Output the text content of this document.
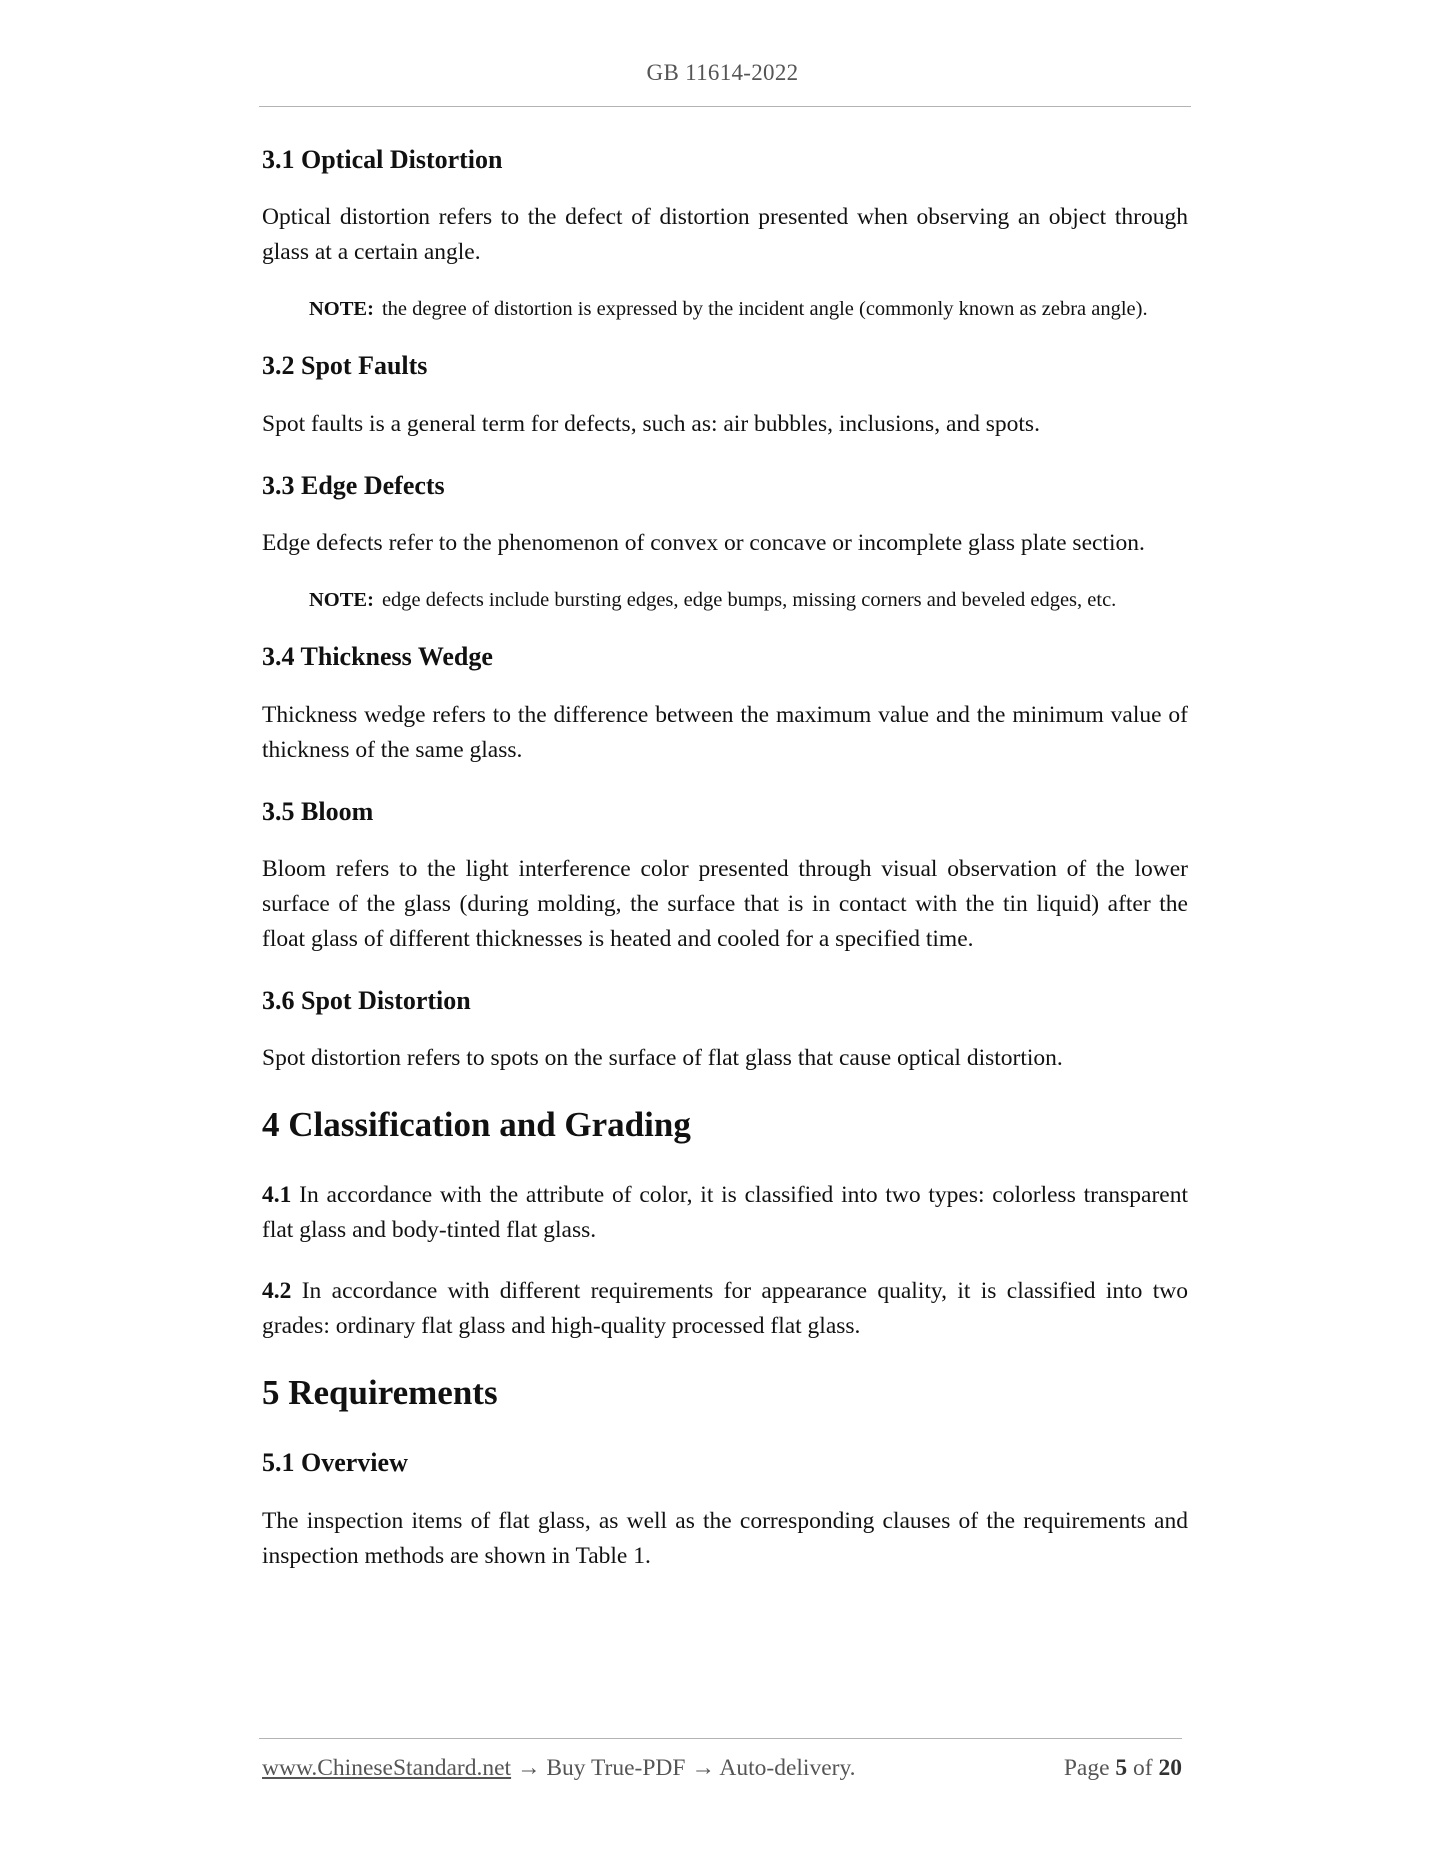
GB 11614-2022
3.1 Optical Distortion
Optical distortion refers to the defect of distortion presented when observing an object through glass at a certain angle.
NOTE: the degree of distortion is expressed by the incident angle (commonly known as zebra angle).
3.2 Spot Faults
Spot faults is a general term for defects, such as: air bubbles, inclusions, and spots.
3.3 Edge Defects
Edge defects refer to the phenomenon of convex or concave or incomplete glass plate section.
NOTE: edge defects include bursting edges, edge bumps, missing corners and beveled edges, etc.
3.4 Thickness Wedge
Thickness wedge refers to the difference between the maximum value and the minimum value of thickness of the same glass.
3.5 Bloom
Bloom refers to the light interference color presented through visual observation of the lower surface of the glass (during molding, the surface that is in contact with the tin liquid) after the float glass of different thicknesses is heated and cooled for a specified time.
3.6 Spot Distortion
Spot distortion refers to spots on the surface of flat glass that cause optical distortion.
4 Classification and Grading
4.1 In accordance with the attribute of color, it is classified into two types: colorless transparent flat glass and body-tinted flat glass.
4.2 In accordance with different requirements for appearance quality, it is classified into two grades: ordinary flat glass and high-quality processed flat glass.
5 Requirements
5.1 Overview
The inspection items of flat glass, as well as the corresponding clauses of the requirements and inspection methods are shown in Table 1.
www.ChineseStandard.net → Buy True-PDF → Auto-delivery.	Page 5 of 20
